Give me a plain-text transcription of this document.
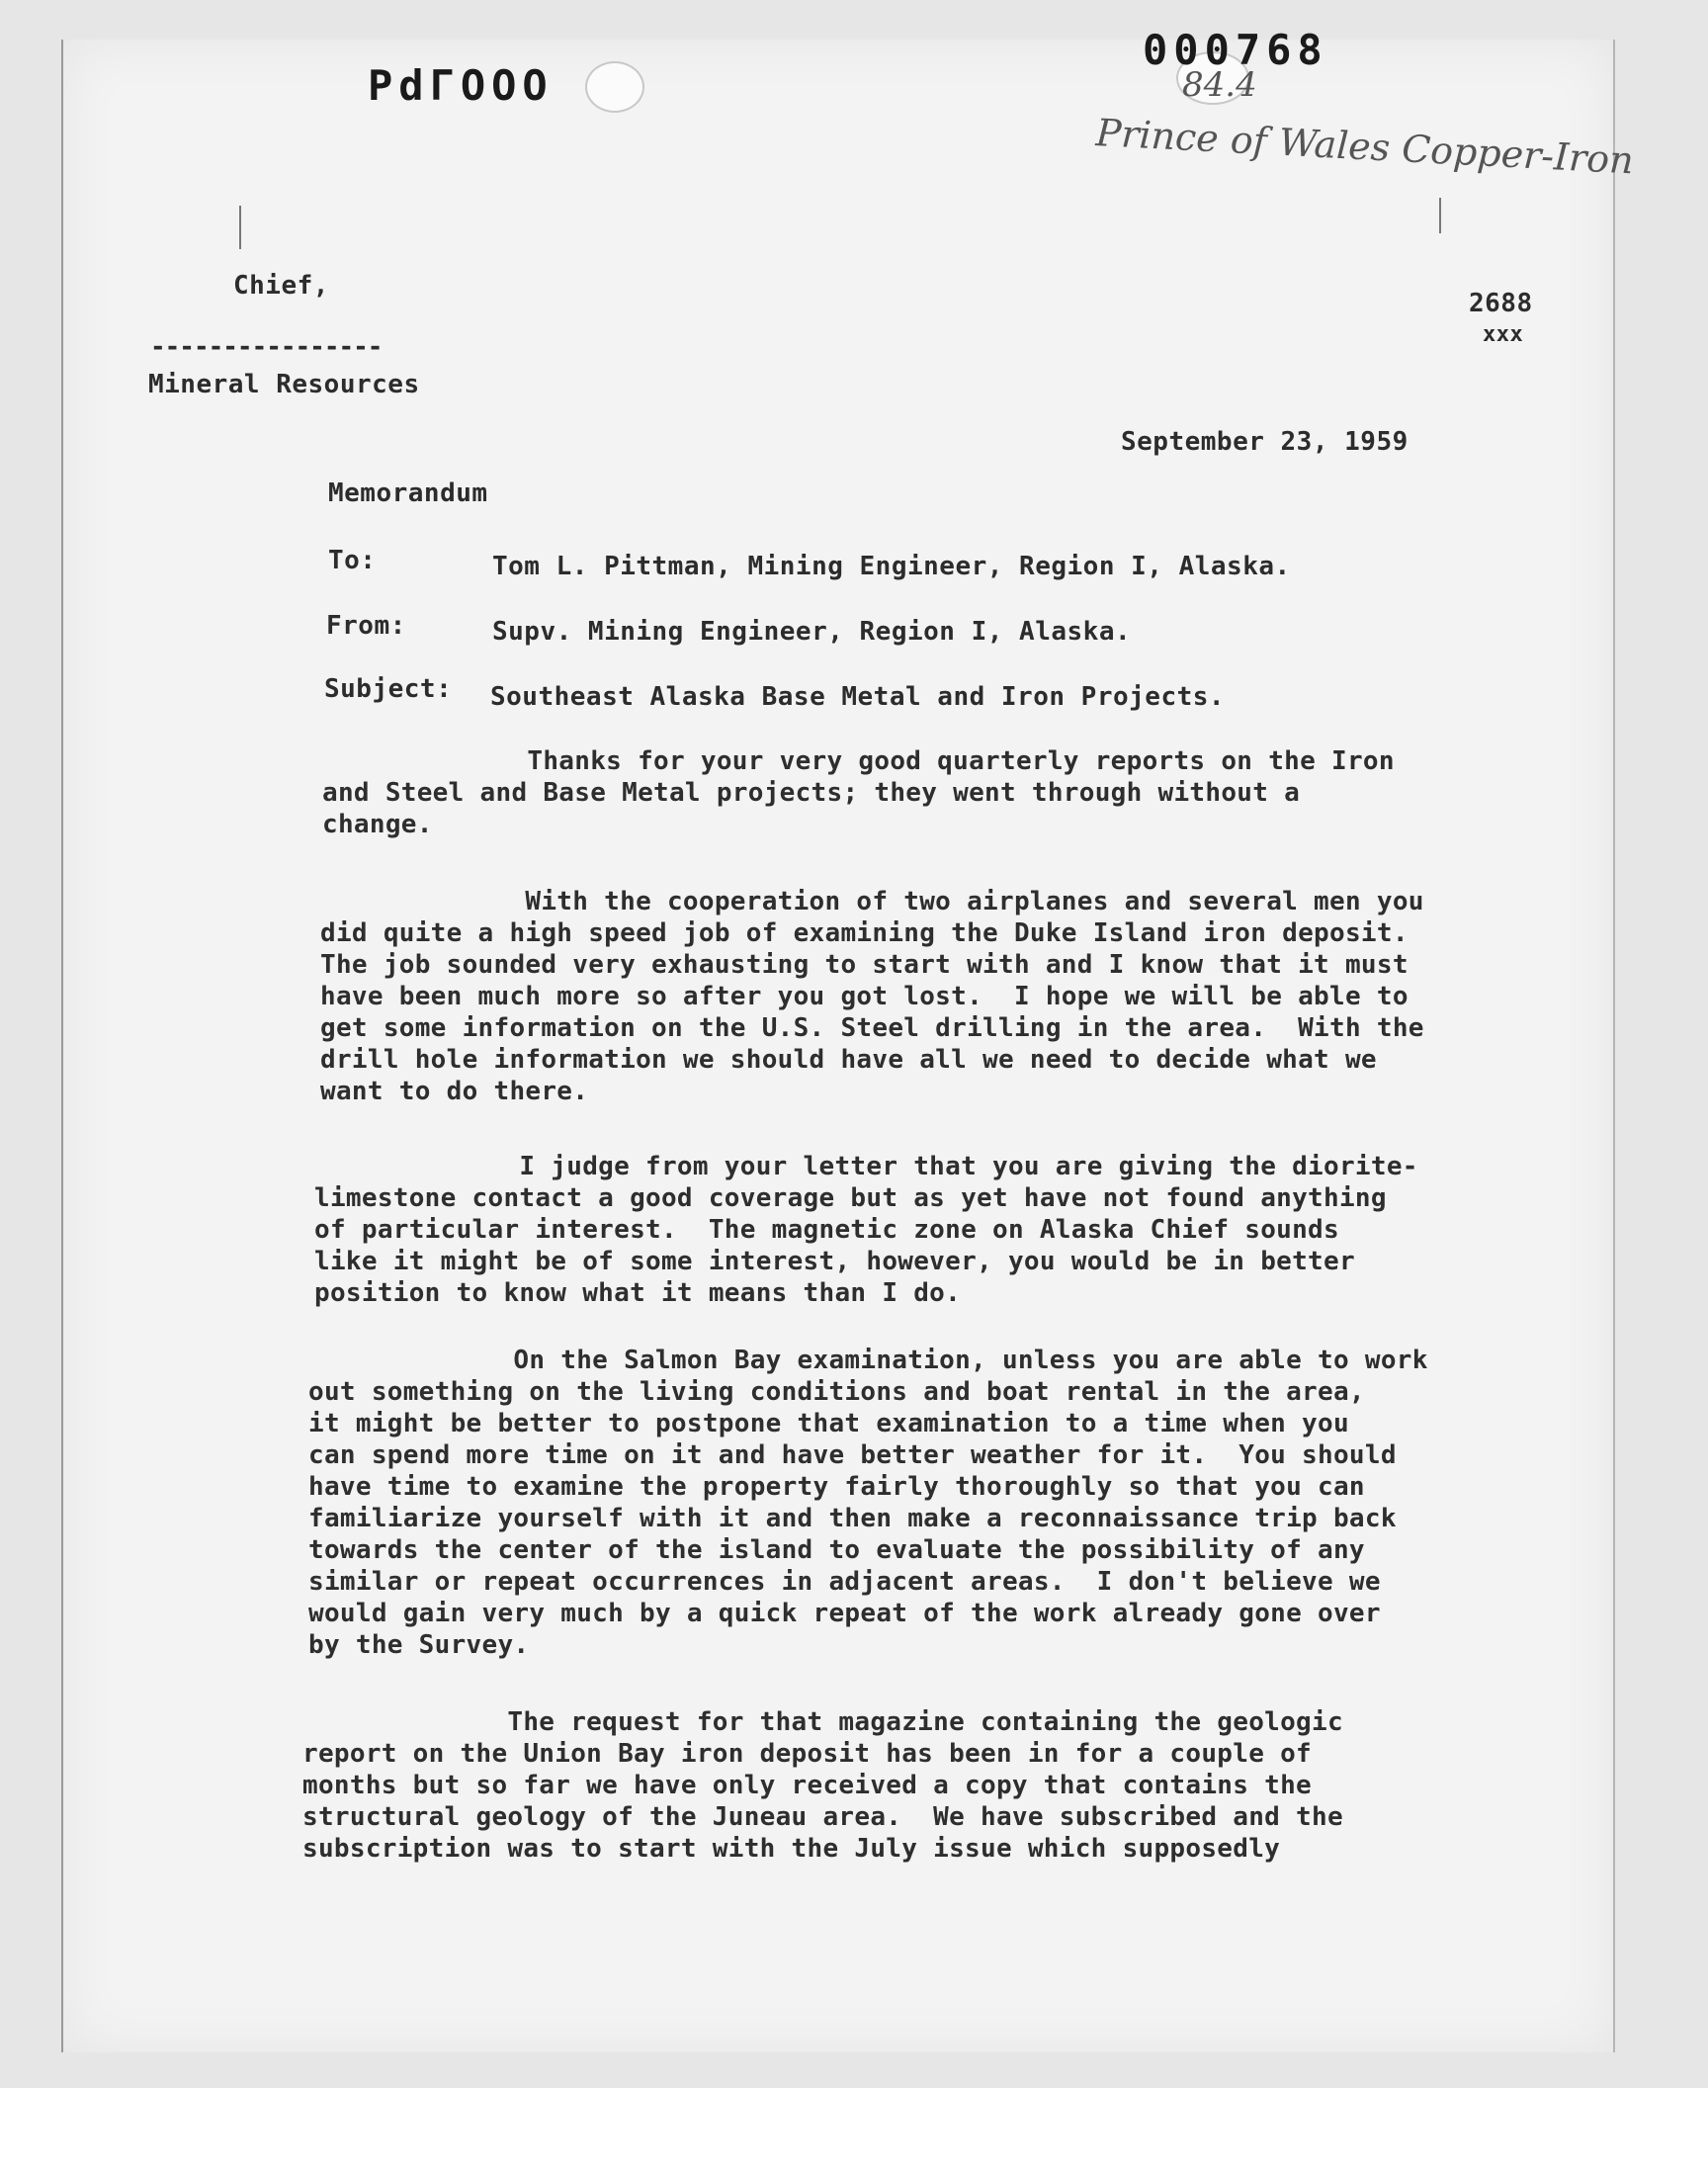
PdΓOOO
000768
84.4
Prince of Wales Copper-Iron
Chief,
----------------
Mineral Resources
2688
xxx
September 23, 1959
Memorandum
To:	Tom L. Pittman, Mining Engineer, Region I, Alaska.
From:	Supv. Mining Engineer, Region I, Alaska.
Subject: Southeast Alaska Base Metal and Iron Projects.
Thanks for your very good quarterly reports on the Iron
and Steel and Base Metal projects; they went through without a
change.
With the cooperation of two airplanes and several men you
did quite a high speed job of examining the Duke Island iron deposit.
The job sounded very exhausting to start with and I know that it must
have been much more so after you got lost.  I hope we will be able to
get some information on the U.S. Steel drilling in the area.  With the
drill hole information we should have all we need to decide what we
want to do there.
I judge from your letter that you are giving the diorite-
limestone contact a good coverage but as yet have not found anything
of particular interest.  The magnetic zone on Alaska Chief sounds
like it might be of some interest, however, you would be in better
position to know what it means than I do.
On the Salmon Bay examination, unless you are able to work
out something on the living conditions and boat rental in the area,
it might be better to postpone that examination to a time when you
can spend more time on it and have better weather for it.  You should
have time to examine the property fairly thoroughly so that you can
familiarize yourself with it and then make a reconnaissance trip back
towards the center of the island to evaluate the possibility of any
similar or repeat occurrences in adjacent areas.  I don't believe we
would gain very much by a quick repeat of the work already gone over
by the Survey.
The request for that magazine containing the geologic
report on the Union Bay iron deposit has been in for a couple of
months but so far we have only received a copy that contains the
structural geology of the Juneau area.  We have subscribed and the
subscription was to start with the July issue which supposedly
